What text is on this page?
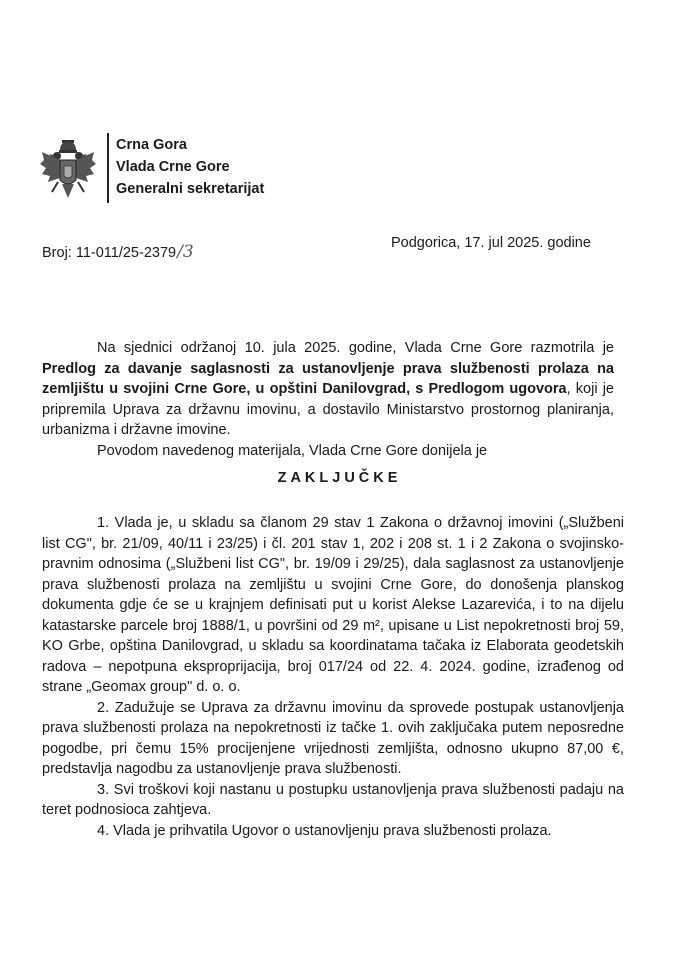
Crna Gora
Vlada Crne Gore
Generalni sekretarijat
Broj: 11-011/25-2379/3	Podgorica, 17. jul 2025. godine

Na sjednici održanoj 10. jula 2025. godine, Vlada Crne Gore razmotrila je Predlog za davanje saglasnosti za ustanovljenje prava službenosti prolaza na zemljištu u svojini Crne Gore, u opštini Danilovgrad, s Predlogom ugovora, koji je pripremila Uprava za državnu imovinu, a dostavilo Ministarstvo prostornog planiranja, urbanizma i državne imovine.

Povodom navedenog materijala, Vlada Crne Gore donijela je

ZAKLJUČKE

1. Vlada je, u skladu sa članom 29 stav 1 Zakona o državnoj imovini („Službeni list CG", br. 21/09, 40/11 i 23/25) i čl. 201 stav 1, 202 i 208 st. 1 i 2 Zakona o svojinsko-pravnim odnosima („Službeni list CG", br. 19/09 i 29/25), dala saglasnost za ustanovljenje prava službenosti prolaza na zemljištu u svojini Crne Gore, do donošenja planskog dokumenta gdje će se u krajnjem definisati put u korist Alekse Lazarevića, i to na dijelu katastarske parcele broj 1888/1, u površini od 29 m², upisane u List nepokretnosti broj 59, KO Grbe, opština Danilovgrad, u skladu sa koordinatama tačaka iz Elaborata geodetskih radova – nepotpuna eksproprijacija, broj 017/24 od 22. 4. 2024. godine, izrađenog od strane „Geomax group" d. o. o.

2. Zadužuje se Uprava za državnu imovinu da sprovede postupak ustanovljenja prava službenosti prolaza na nepokretnosti iz tačke 1. ovih zaključaka putem neposredne pogodbe, pri čemu 15% procijenjene vrijednosti zemljišta, odnosno ukupno 87,00 €, predstavlja nagodbu za ustanovljenje prava službenosti.

3. Svi troškovi koji nastanu u postupku ustanovljenja prava službenosti padaju na teret podnosioca zahtjeva.

4. Vlada je prihvatila Ugovor o ustanovljenju prava službenosti prolaza.
